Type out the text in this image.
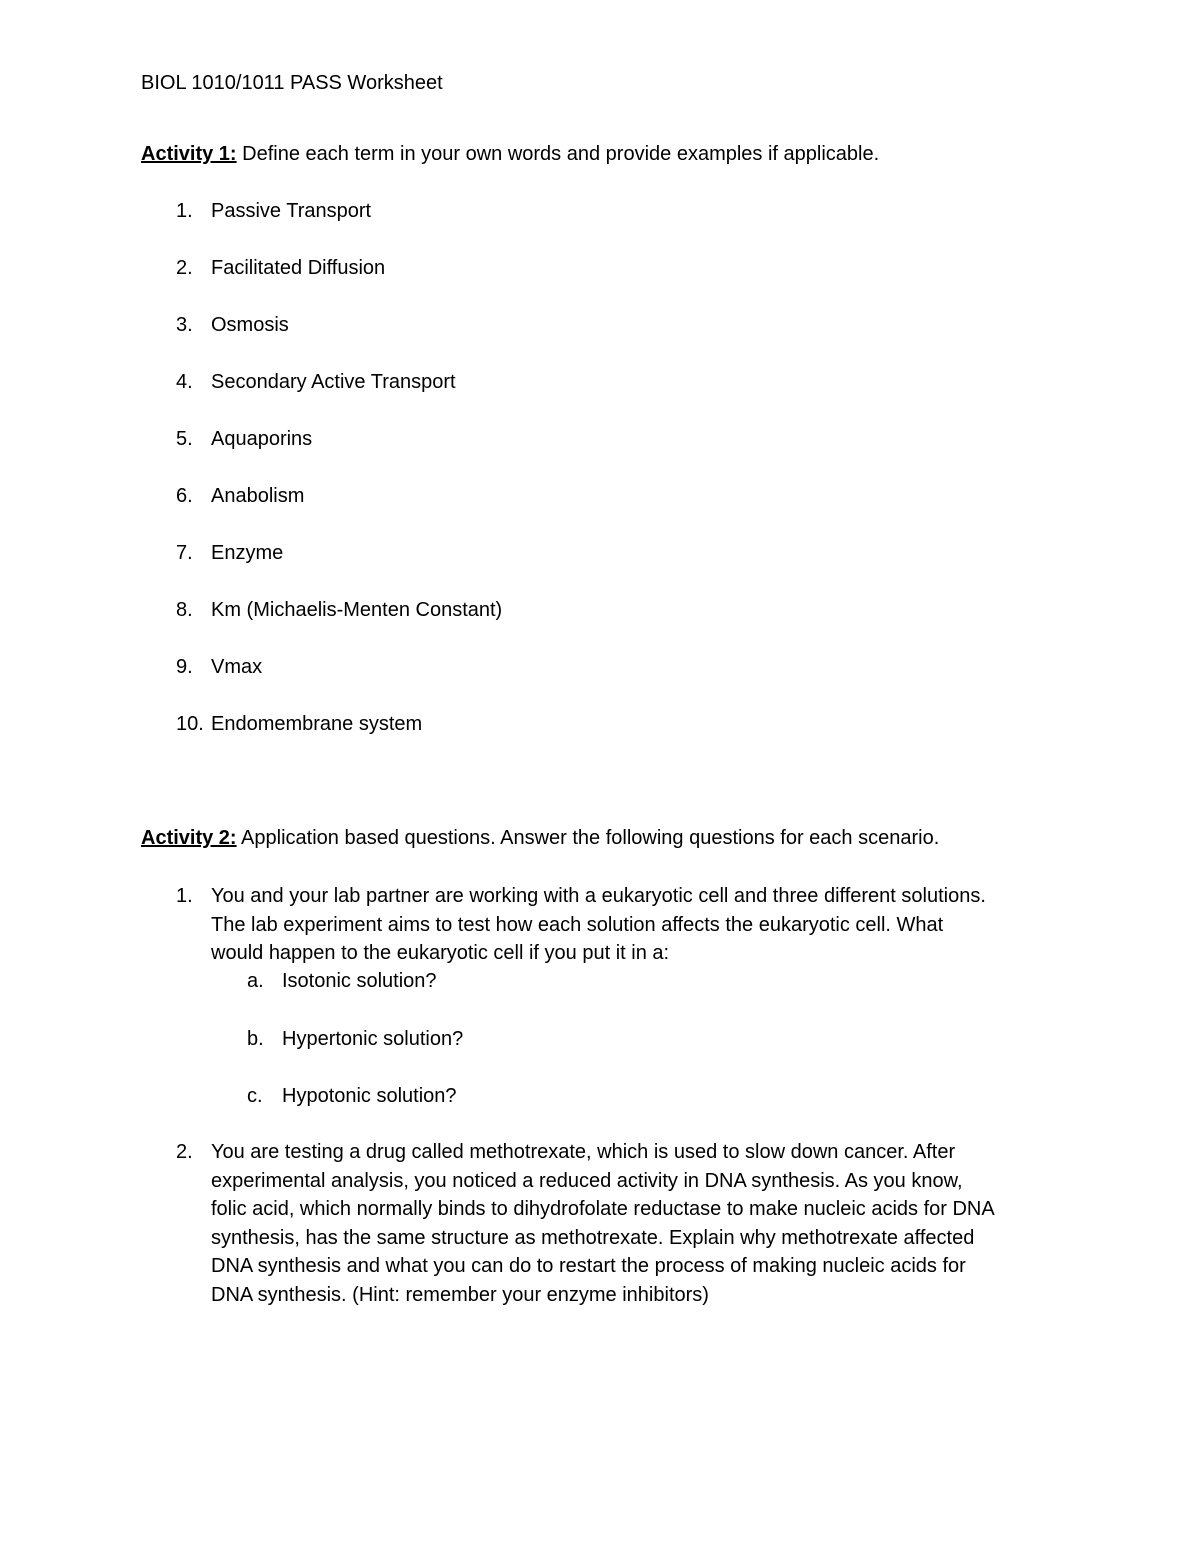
BIOL 1010/1011 PASS Worksheet
Activity 1: Define each term in your own words and provide examples if applicable.
1. Passive Transport
2. Facilitated Diffusion
3. Osmosis
4. Secondary Active Transport
5. Aquaporins
6. Anabolism
7. Enzyme
8. Km (Michaelis-Menten Constant)
9. Vmax
10. Endomembrane system
Activity 2: Application based questions. Answer the following questions for each scenario.
1. You and your lab partner are working with a eukaryotic cell and three different solutions.
The lab experiment aims to test how each solution affects the eukaryotic cell. What
would happen to the eukaryotic cell if you put it in a:
a. Isotonic solution?
b. Hypertonic solution?
c. Hypotonic solution?
2. You are testing a drug called methotrexate, which is used to slow down cancer. After
experimental analysis, you noticed a reduced activity in DNA synthesis. As you know,
folic acid, which normally binds to dihydrofolate reductase to make nucleic acids for DNA
synthesis, has the same structure as methotrexate. Explain why methotrexate affected
DNA synthesis and what you can do to restart the process of making nucleic acids for
DNA synthesis. (Hint: remember your enzyme inhibitors)
